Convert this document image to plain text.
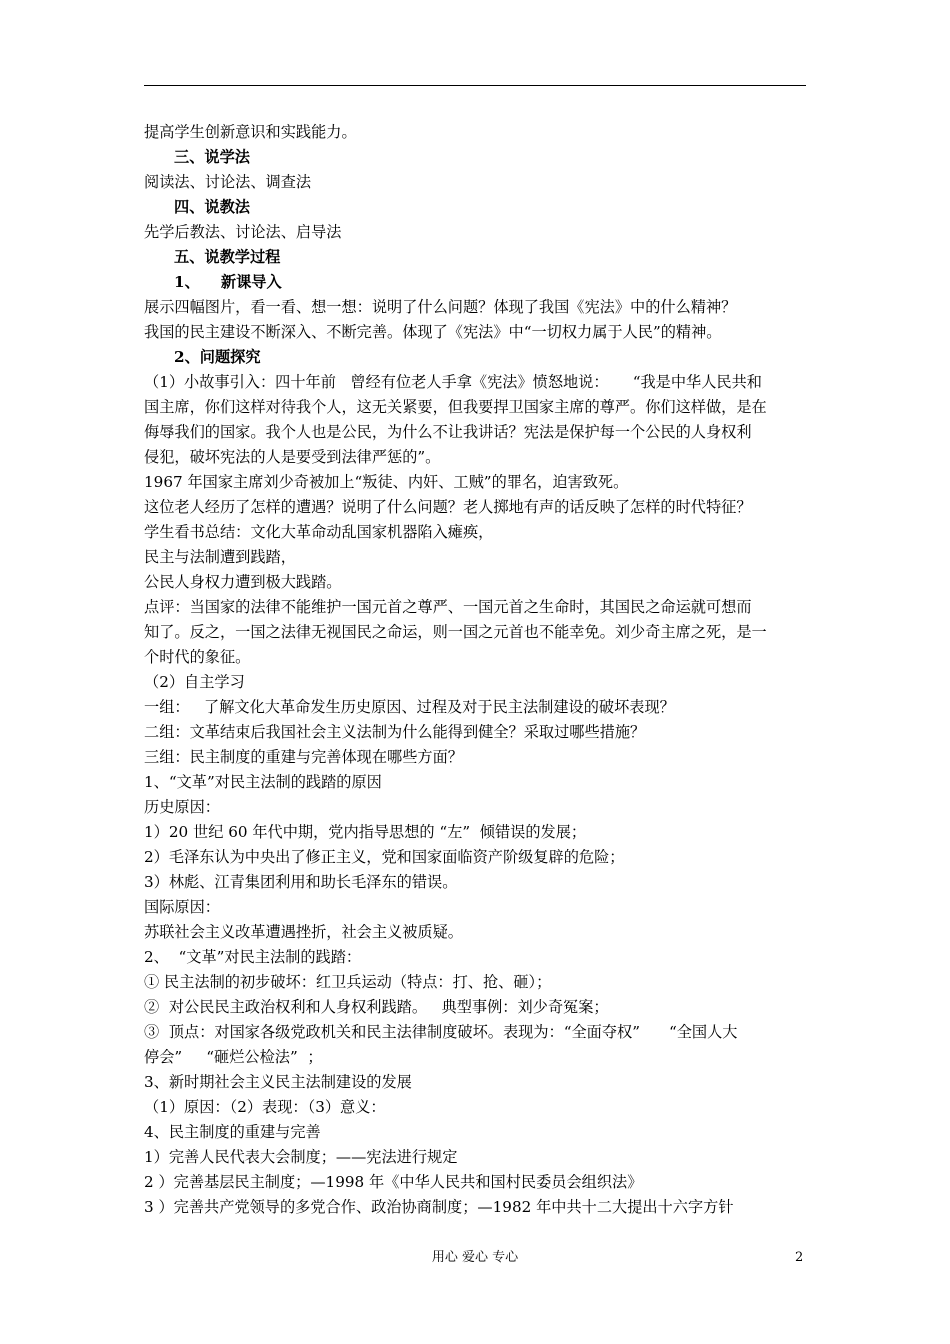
提高学生创新意识和实践能力。
三、说学法
阅读法、讨论法、调查法
四、说教法
先学后教法、讨论法、启导法
五、说教学过程
1、    新课导入
展示四幅图片，看一看、想一想：说明了什么问题？体现了我国《宪法》中的什么精神？
我国的民主建设不断深入、不断完善。体现了《宪法》中“一切权力属于人民”的精神。
2、问题探究
（1）小故事引入：四十年前   曾经有位老人手拿《宪法》愤怒地说：     “我是中华人民共和
国主席，你们这样对待我个人，这无关紧要，但我要捍卫国家主席的尊严。你们这样做，是在
侮辱我们的国家。我个人也是公民，为什么不让我讲话？宪法是保护每一个公民的人身权利
侵犯，破坏宪法的人是要受到法律严惩的”。
1967 年国家主席刘少奇被加上“叛徒、内奸、工贼”的罪名，迫害致死。
这位老人经历了怎样的遭遇？说明了什么问题？老人掷地有声的话反映了怎样的时代特征？
学生看书总结：文化大革命动乱国家机器陷入瘫痪，
民主与法制遭到践踏，
公民人身权力遭到极大践踏。
点评：当国家的法律不能维护一国元首之尊严、一国元首之生命时，其国民之命运就可想而
知了。反之，一国之法律无视国民之命运，则一国之元首也不能幸免。刘少奇主席之死，是一
个时代的象征。
（2）自主学习
一组：   了解文化大革命发生历史原因、过程及对于民主法制建设的破坏表现？
二组：文革结束后我国社会主义法制为什么能得到健全？采取过哪些措施？
三组：民主制度的重建与完善体现在哪些方面？
1、“文革”对民主法制的践踏的原因
历史原因：
1）20 世纪 60 年代中期，党内指导思想的 “左”  倾错误的发展；
2）毛泽东认为中央出了修正主义，党和国家面临资产阶级复辟的危险；
3）林彪、江青集团利用和助长毛泽东的错误。
国际原因：
苏联社会主义改革遭遇挫折，社会主义被质疑。
2、  “文革”对民主法制的践踏：
① 民主法制的初步破坏：红卫兵运动（特点：打、抢、砸）；
②  对公民民主政治权利和人身权利践踏。   典型事例：刘少奇冤案；
③  顶点：对国家各级党政机关和民主法律制度破坏。表现为：“全面夺权”      “全国人大
停会”     “砸烂公检法”  ；
3、新时期社会主义民主法制建设的发展
（1）原因：（2）表现：（3）意义：
4、民主制度的重建与完善
1）完善人民代表大会制度；——宪法进行规定
2 ）完善基层民主制度；—1998 年《中华人民共和国村民委员会组织法》
3 ）完善共产党领导的多党合作、政治协商制度；—1982 年中共十二大提出十六字方针
用心 爱心 专心	2
